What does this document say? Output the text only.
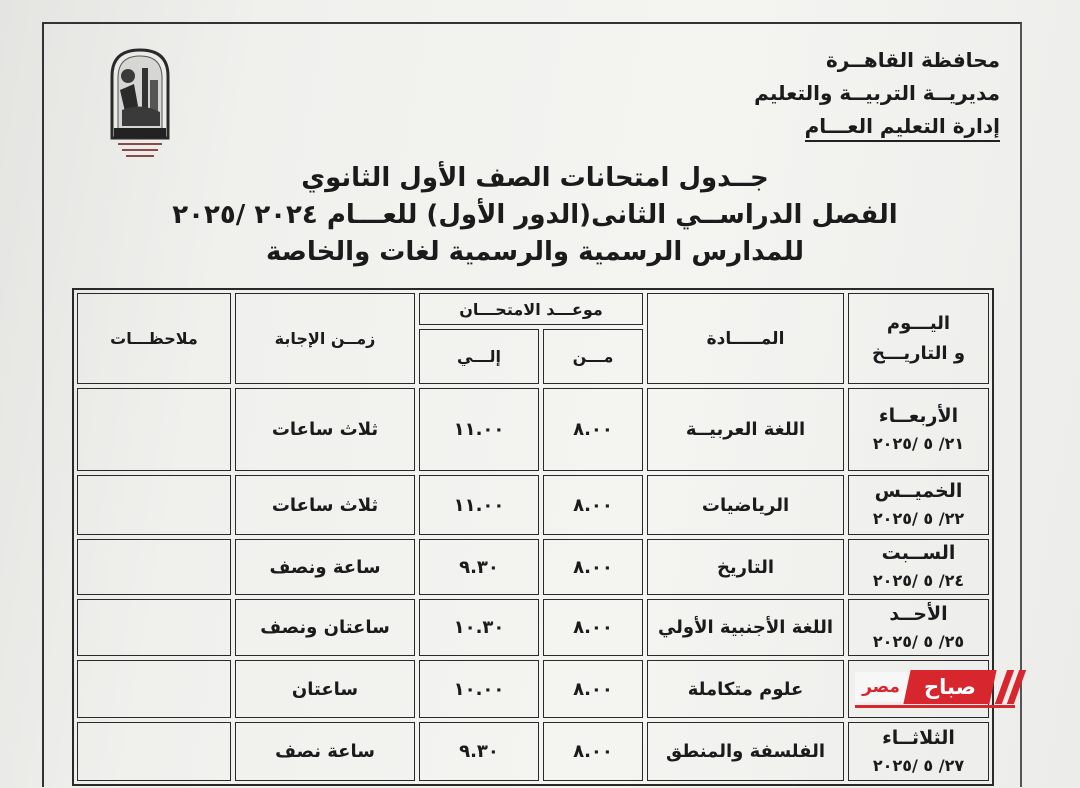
محافظة القاهــرة
مديريــة التربيــة والتعليم
إدارة التعليم العـــام
جــدول امتحانات الصف الأول الثانوي
الفصل الدراســي الثانى(الدور الأول) للعـــام ٢٠٢٤ /٢٠٢٥
للمدارس الرسمية والرسمية لغات والخاصة
اليـــوم
و التاريـــخ
المـــــادة
موعـــد الامتحـــان
مـــن
إلـــي
زمــن الإجابة
ملاحظـــات
الأربعــاء
٢١/ ٥ /٢٠٢٥
اللغة العربيــة
٨.٠٠
١١.٠٠
ثلاث ساعات
الخميــس
٢٢/ ٥ /٢٠٢٥
الرياضيات
٨.٠٠
١١.٠٠
ثلاث ساعات
الســبت
٢٤/ ٥ /٢٠٢٥
التاريخ
٨.٠٠
٩.٣٠
ساعة ونصف
الأحــد
٢٥/ ٥ /٢٠٢٥
اللغة الأجنبية الأولي
٨.٠٠
١٠.٣٠
ساعتان ونصف
علوم متكاملة
٨.٠٠
١٠.٠٠
ساعتان
الثلاثــاء
٢٧/ ٥ /٢٠٢٥
الفلسفة والمنطق
٨.٠٠
٩.٣٠
ساعة نصف
مصر صباح
